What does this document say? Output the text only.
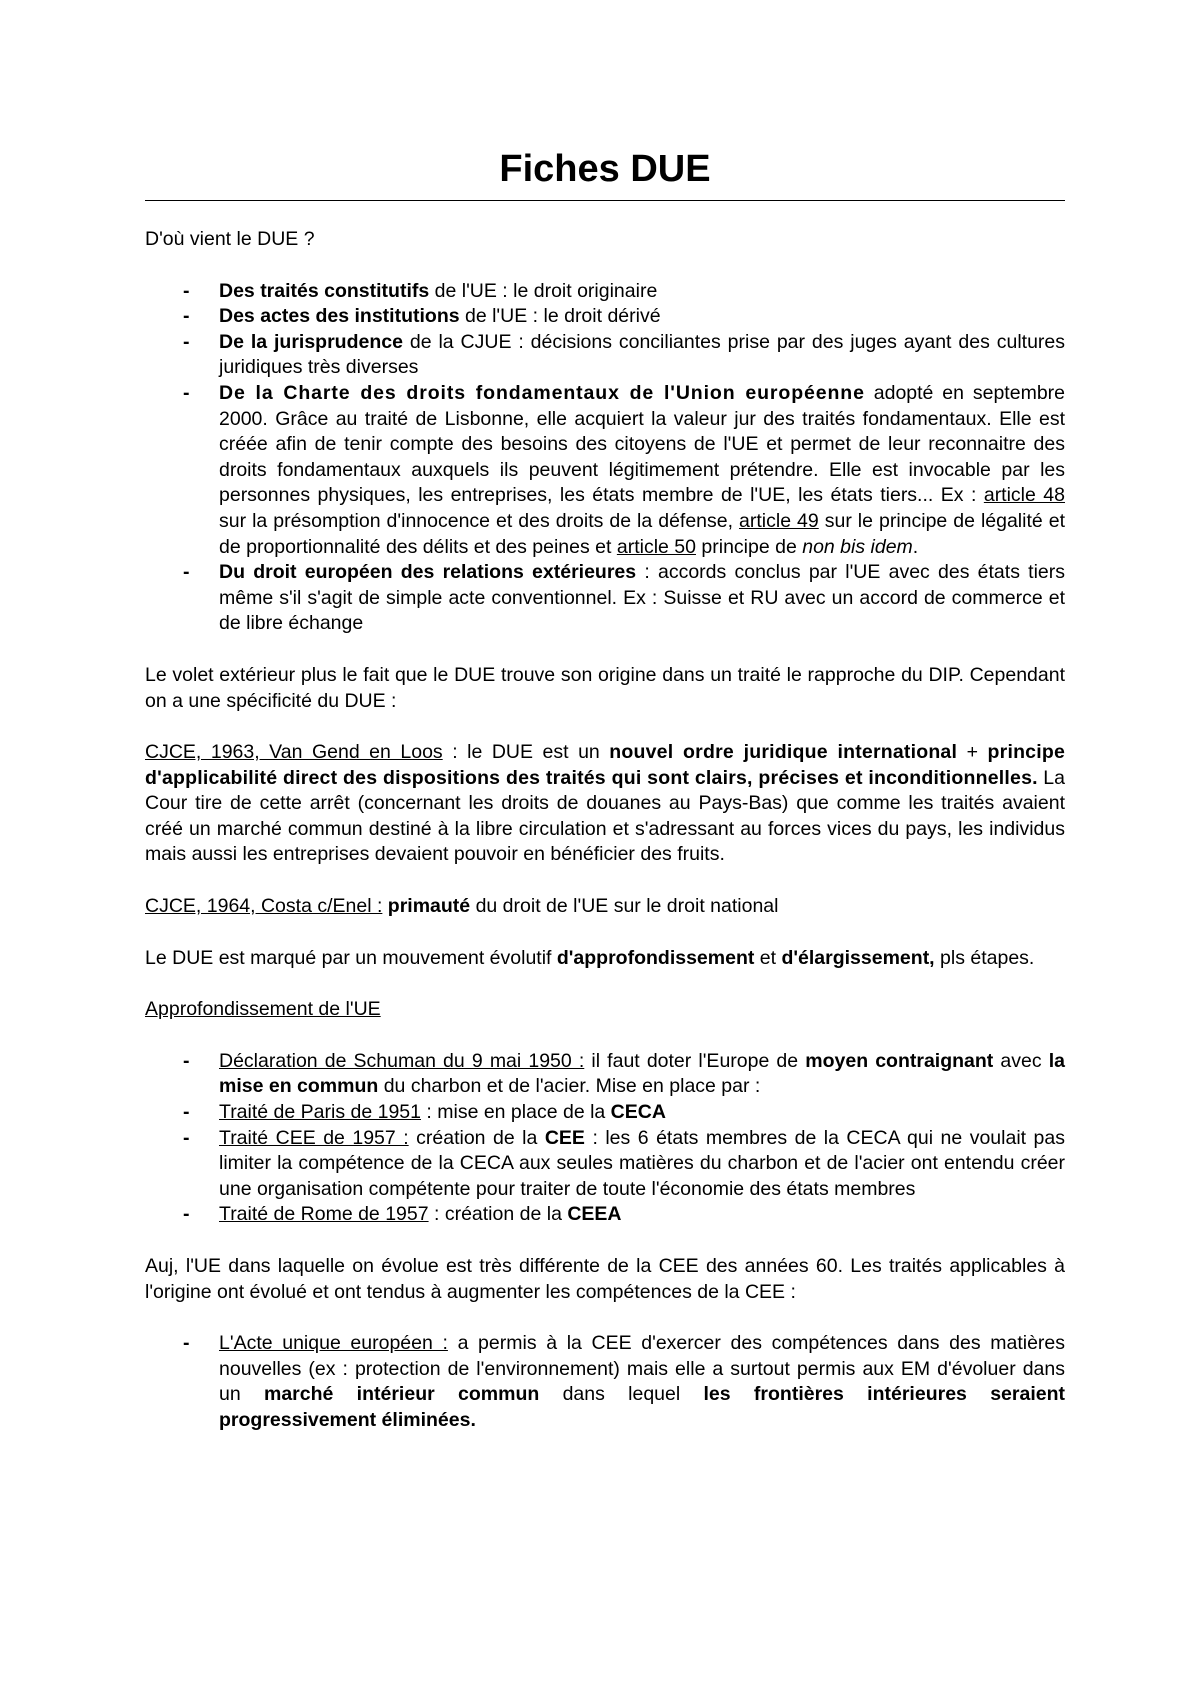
Fiches DUE

D'où vient le DUE ?

- Des traités constitutifs de l'UE : le droit originaire
- Des actes des institutions de l'UE : le droit dérivé
- De la jurisprudence de la CJUE : décisions conciliantes prise par des juges ayant des cultures juridiques très diverses
- De la Charte des droits fondamentaux de l'Union européenne adopté en septembre 2000. Grâce au traité de Lisbonne, elle acquiert la valeur jur des traités fondamentaux. Elle est créée afin de tenir compte des besoins des citoyens de l'UE et permet de leur reconnaitre des droits fondamentaux auxquels ils peuvent légitimement prétendre. Elle est invocable par les personnes physiques, les entreprises, les états membre de l'UE, les états tiers... Ex : article 48 sur la présomption d'innocence et des droits de la défense, article 49 sur le principe de légalité et de proportionnalité des délits et des peines et article 50 principe de non bis idem.
- Du droit européen des relations extérieures : accords conclus par l'UE avec des états tiers même s'il s'agit de simple acte conventionnel. Ex : Suisse et RU avec un accord de commerce et de libre échange

Le volet extérieur plus le fait que le DUE trouve son origine dans un traité le rapproche du DIP. Cependant on a une spécificité du DUE :

CJCE, 1963, Van Gend en Loos : le DUE est un nouvel ordre juridique international + principe d'applicabilité direct des dispositions des traités qui sont clairs, précises et inconditionnelles. La Cour tire de cette arrêt (concernant les droits de douanes au Pays-Bas) que comme les traités avaient créé un marché commun destiné à la libre circulation et s'adressant au forces vices du pays, les individus mais aussi les entreprises devaient pouvoir en bénéficier des fruits.

CJCE, 1964, Costa c/Enel : primauté du droit de l'UE sur le droit national

Le DUE est marqué par un mouvement évolutif d'approfondissement et d'élargissement, pls étapes.

Approfondissement de l'UE

- Déclaration de Schuman du 9 mai 1950 : il faut doter l'Europe de moyen contraignant avec la mise en commun du charbon et de l'acier. Mise en place par :
- Traité de Paris de 1951 : mise en place de la CECA
- Traité CEE de 1957 : création de la CEE : les 6 états membres de la CECA qui ne voulait pas limiter la compétence de la CECA aux seules matières du charbon et de l'acier ont entendu créer une organisation compétente pour traiter de toute l'économie des états membres
- Traité de Rome de 1957 : création de la CEEA

Auj, l'UE dans laquelle on évolue est très différente de la CEE des années 60. Les traités applicables à l'origine ont évolué et ont tendus à augmenter les compétences de la CEE :

- L'Acte unique européen : a permis à la CEE d'exercer des compétences dans des matières nouvelles (ex : protection de l'environnement) mais elle a surtout permis aux EM d'évoluer dans un marché intérieur commun dans lequel les frontières intérieures seraient progressivement éliminées.
